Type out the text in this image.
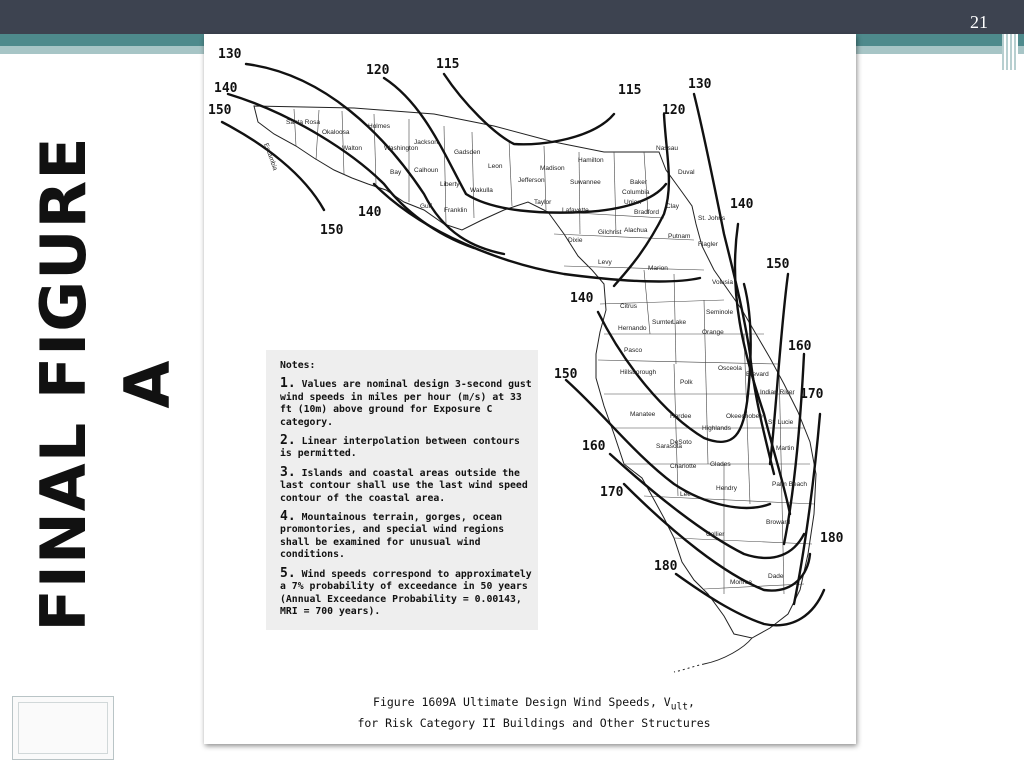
21
FINAL FIGURE A
130
120	115
115	130
140
150	120
140
150
140
150
140
150
160
170
160
170
180
180
Santa Rosa
Okaloosa
Holmes
Washington
Walton
Bay
Jackson
Calhoun
Gulf
Liberty
Gadsden
Leon
Wakulla
Franklin
Jefferson
Madison
Taylor
Hamilton
Suwannee
Columbia
Lafayette
Baker
Nassau
Duval
Union
Bradford
Clay
St. Johns
Gilchrist Alachua
Putnam
Dixie
Levy
Flagler
Marion
Volusia
Citrus
Sumter Lake
Seminole
Hernando
Orange
Pasco
Hillsborough
Polk
Osceola
Brevard
Indian River
Manatee Hardee
Highlands
Okeechobee
St. Lucie
Sarasota
DeSoto
Martin
Charlotte Glades
Lee
Hendry
Palm Beach
Broward
Collier
Monroe
Dade
Escambia
Notes:
1. Values are nominal design 3-second gust wind speeds in miles per hour (m/s) at 33 ft (10m) above ground for Exposure C category.
2. Linear interpolation between contours is permitted.
3. Islands and coastal areas outside the last contour shall use the last wind speed contour of the coastal area.
4. Mountainous terrain, gorges, ocean promontories, and special wind regions shall be examined for unusual wind conditions.
5. Wind speeds correspond to approximately a 7% probability of exceedance in 50 years (Annual Exceedance Probability = 0.00143, MRI = 700 years).
Figure 1609A Ultimate Design Wind Speeds, $V_{ult}$,
for Risk Category II Buildings and Other Structures
